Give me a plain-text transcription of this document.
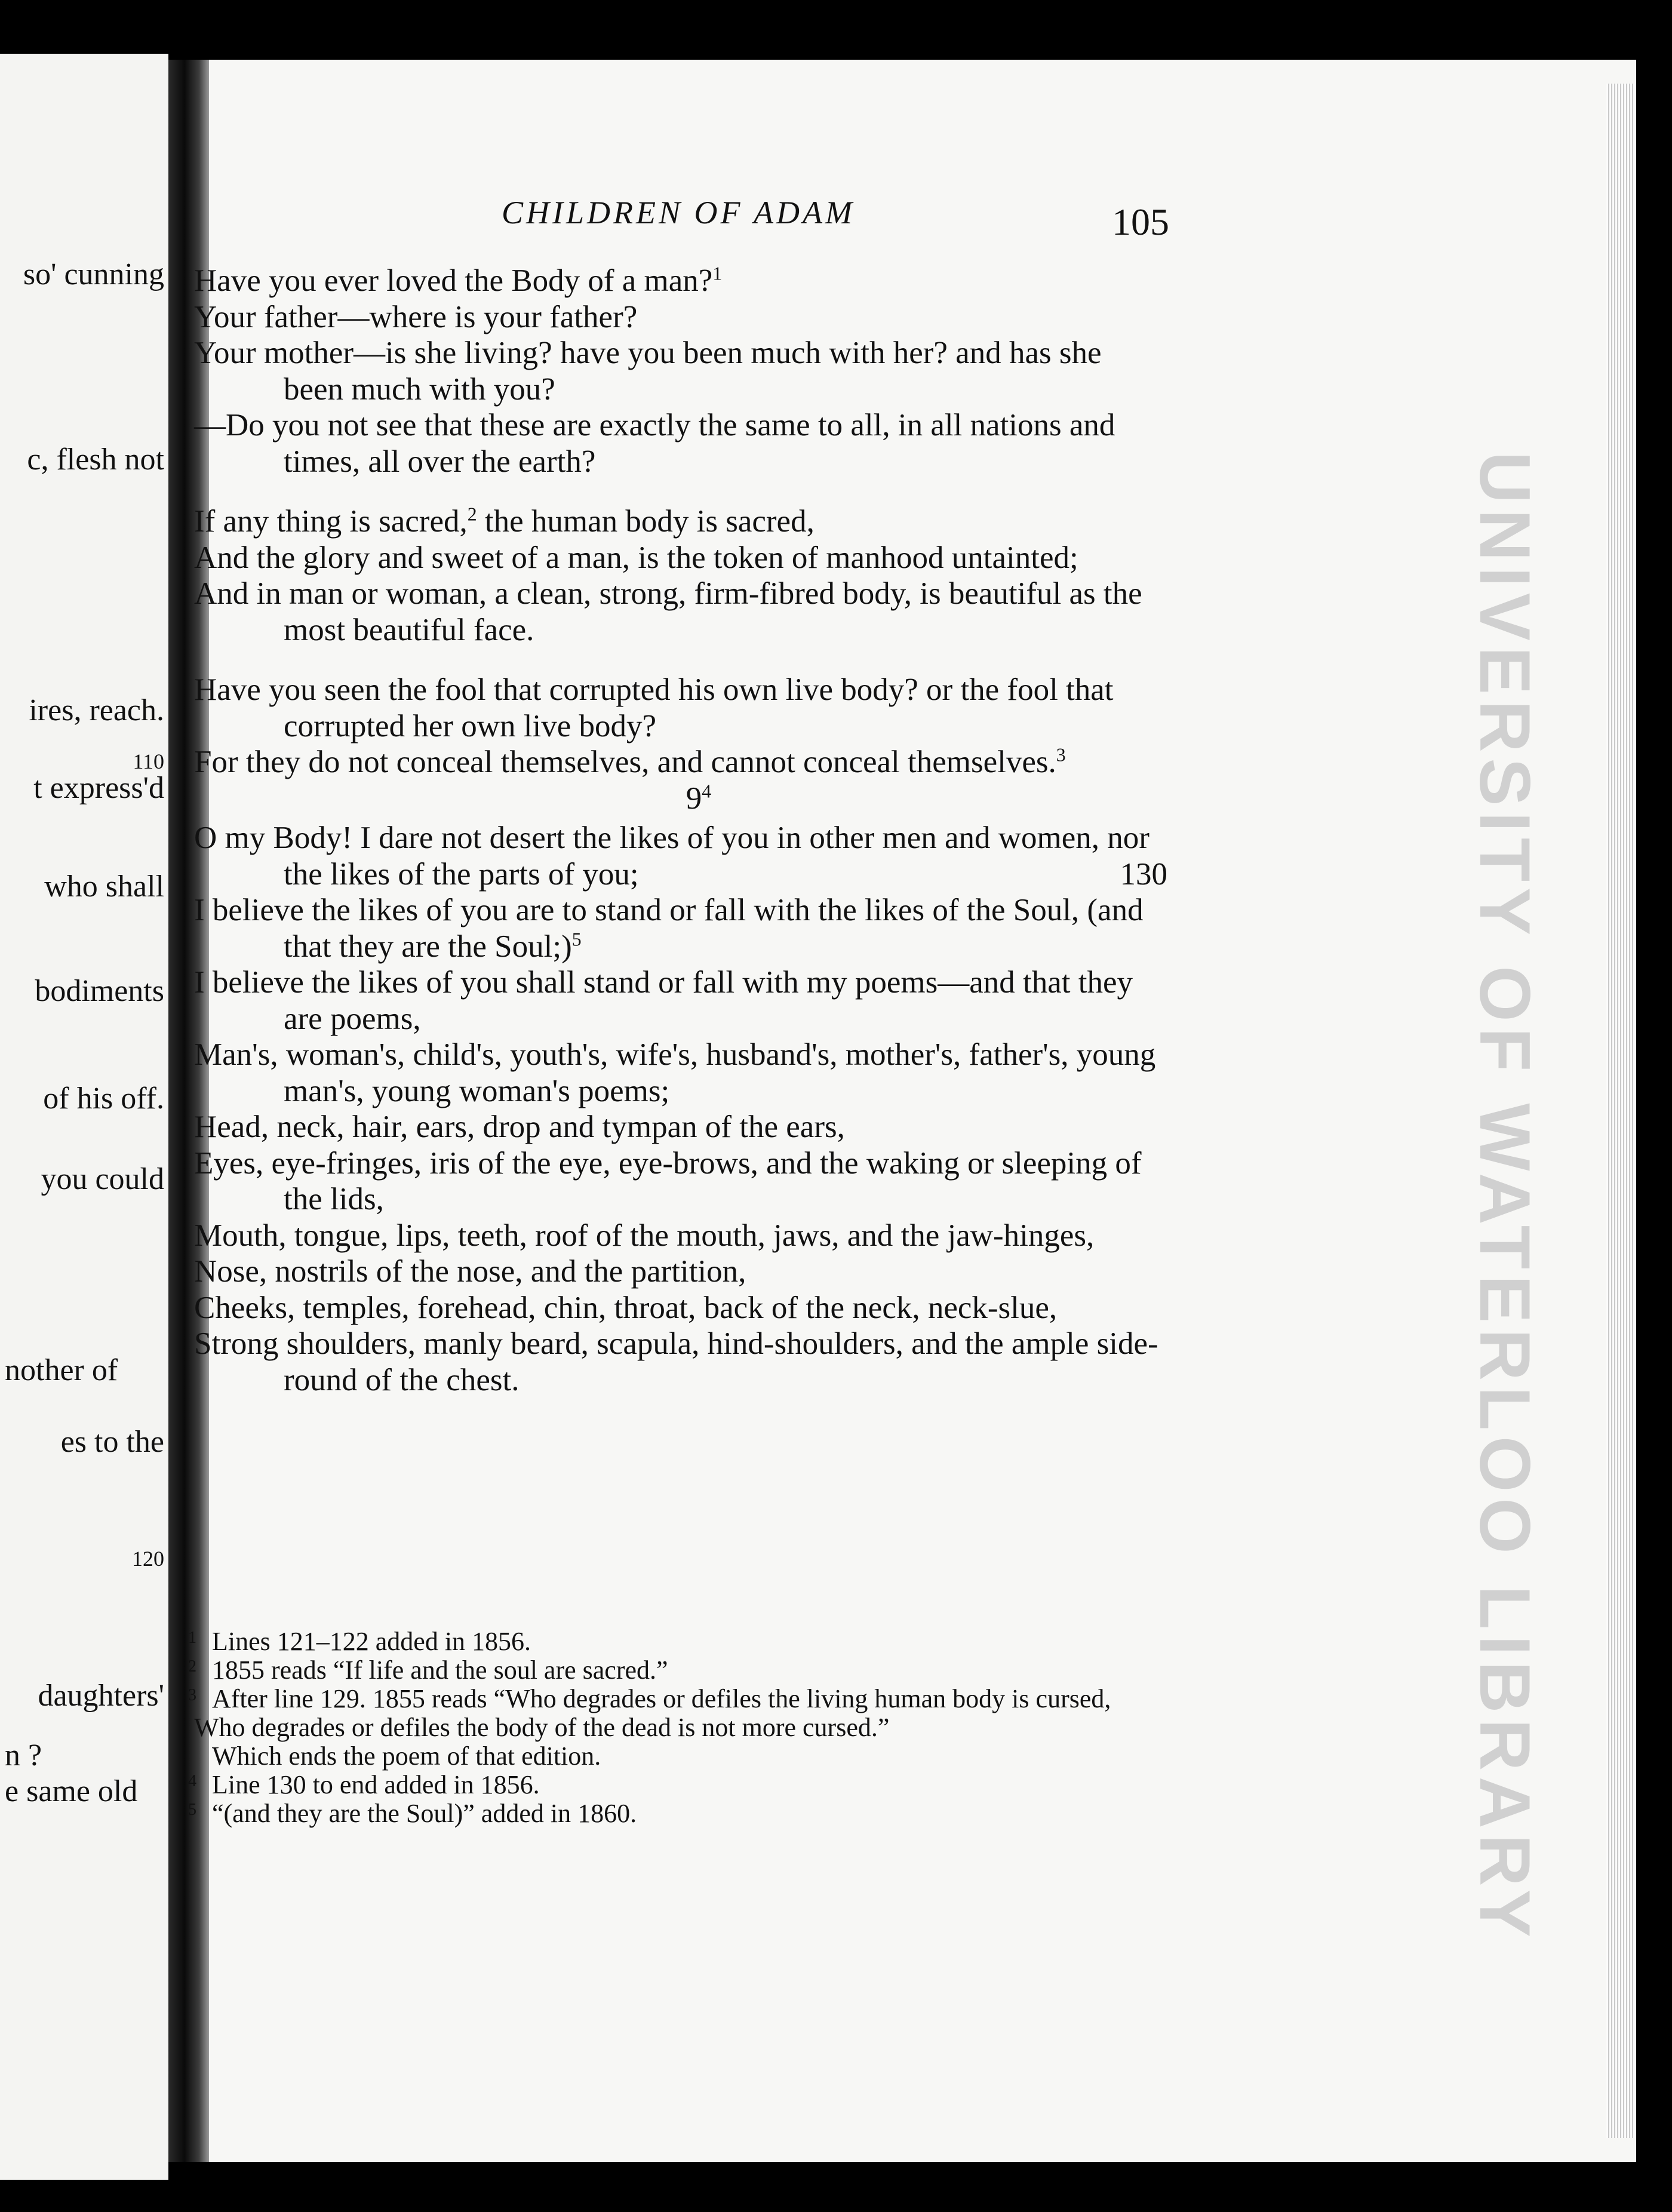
so' cunning
c, flesh not
ires, reach.
110
t express'd
who shall
bodiments
of his off.
you could
nother of
es to the
120
daughters'
n ?
e same old	UNIVERSITY OF WATERLOO LIBRARY
CHILDREN OF ADAM	105
Have you ever loved the Body of a man?$^1$
Your father—where is your father?
Your mother—is she living? have you been much with her? and has she been much with you?
—Do you not see that these are exactly the same to all, in all nations and times, all over the earth?
If any thing is sacred,$^2$ the human body is sacred,
And the glory and sweet of a man, is the token of manhood untainted;
And in man or woman, a clean, strong, firm-fibred body, is beautiful as the most beautiful face.
Have you seen the fool that corrupted his own live body? or the fool that corrupted her own live body?
For they do not conceal themselves, and cannot conceal themselves.$^3$
$9^4$
O my Body! I dare not desert the likes of you in other men and women, nor the likes of the parts of you;	130
I believe the likes of you are to stand or fall with the likes of the Soul, (and that they are the Soul;)$^5$
I believe the likes of you shall stand or fall with my poems—and that they are poems,
Man's, woman's, child's, youth's, wife's, husband's, mother's, father's, young man's, young woman's poems;
Head, neck, hair, ears, drop and tympan of the ears,
Eyes, eye-fringes, iris of the eye, eye-brows, and the waking or sleeping of the lids,
Mouth, tongue, lips, teeth, roof of the mouth, jaws, and the jaw-hinges,
Nose, nostrils of the nose, and the partition,
Cheeks, temples, forehead, chin, throat, back of the neck, neck-slue,
Strong shoulders, manly beard, scapula, hind-shoulders, and the ample side-round of the chest.
1 Lines 121–122 added in 1856.
2 1855 reads “If life and the soul are sacred.”
3 After line 129. 1855 reads “Who degrades or defiles the living human body is cursed,
Who degrades or defiles the body of the dead is not more cursed.”
Which ends the poem of that edition.
4 Line 130 to end added in 1856.
5 “(and they are the Soul)” added in 1860.
